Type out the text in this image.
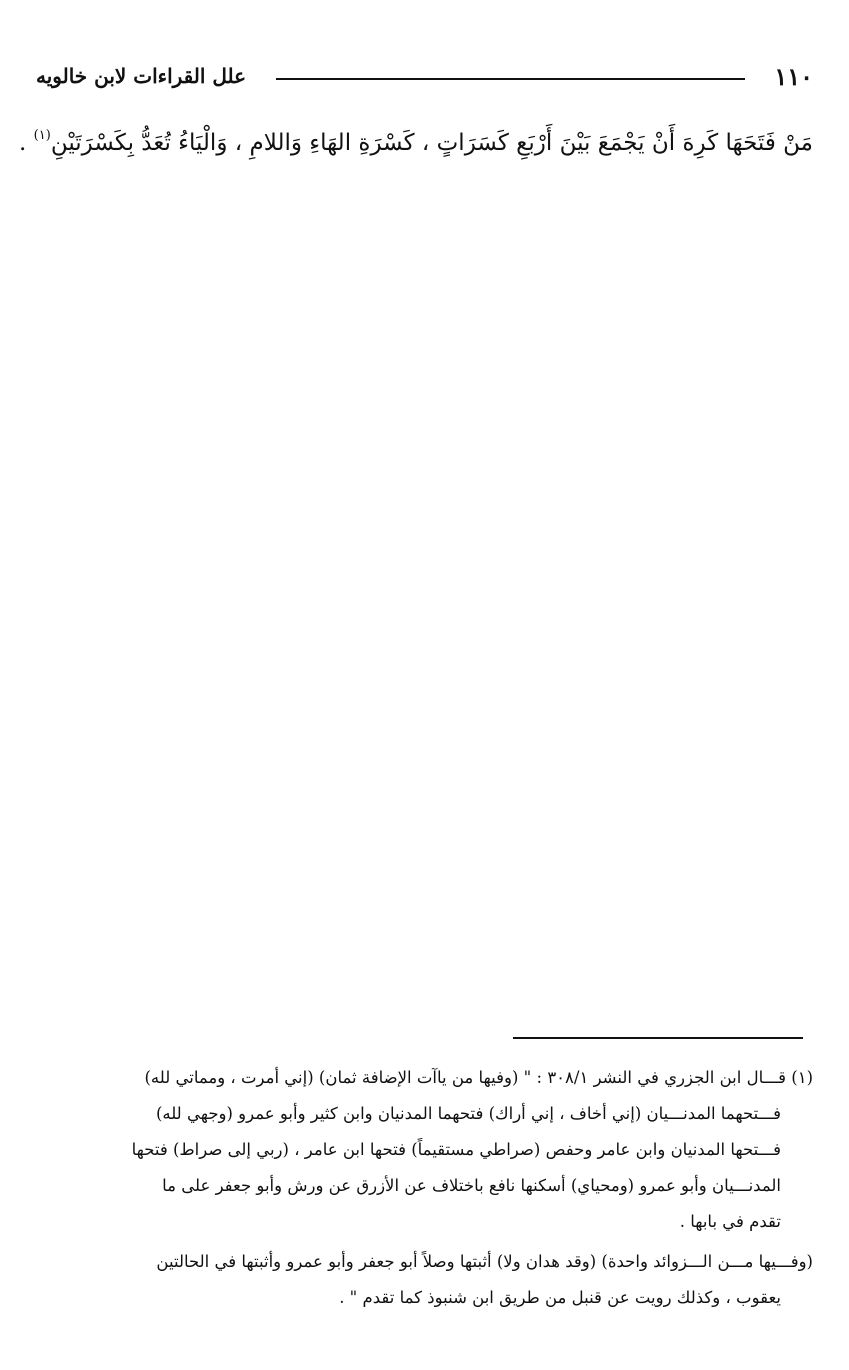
١١٠
علل القراءات لابن خالويه
مَنْ فَتَحَهَا كَرِهَ أَنْ يَجْمَعَ بَيْنَ أَرْبَعِ كَسَرَاتٍ ، كَسْرَةِ الهَاءِ وَاللامِ ، وَالْيَاءُ تُعَدُّ بِكَسْرَتَيْنِ$^{(١)}$ .
(١) قـــال ابن الجزري في النشر ٣٠٨/١ : " (وفيها من ياآت الإضافة ثمان) (إني أمرت ، ومماتي لله)
فـــتحهما المدنـــيان (إني أخاف ، إني أراك) فتحهما المدنيان وابن كثير وأبو عمرو (وجهي لله)
فـــتحها المدنيان وابن عامر وحفص (صراطي مستقيماً) فتحها ابن عامر ، (ربي إلى صراط) فتحها
المدنـــيان وأبو عمرو (ومحياي) أسكنها نافع باختلاف عن الأزرق عن ورش وأبو جعفر على ما
تقدم في بابها .
(وفـــيها مـــن الـــزوائد واحدة) (وقد هدان ولا) أثبتها وصلاً أبو جعفر وأبو عمرو وأثبتها في الحالتين
يعقوب ، وكذلك رويت عن قنبل من طريق ابن شنبوذ كما تقدم " .
